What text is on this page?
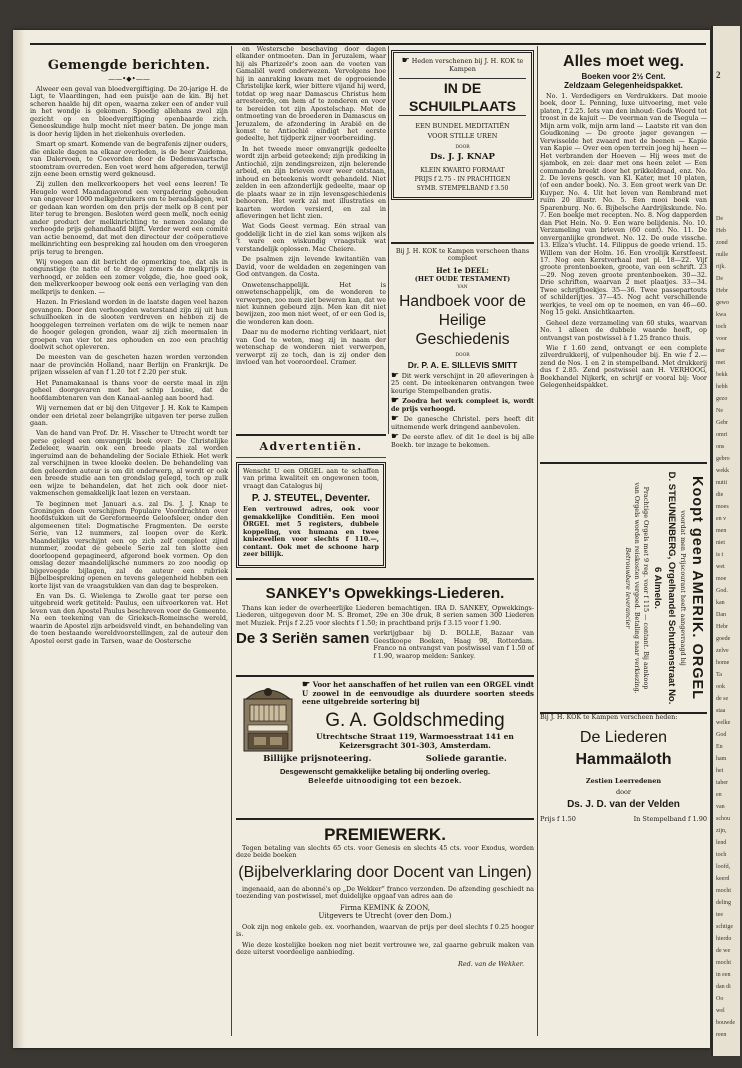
2
De
Heb
zond
nulle
rijk.
De
Hebr
gewo
kwa
toch
voor
teer
met
bekk
hebh
gezo
Ne
Gebr
omri
ons
gebro
wekk
nutti
die
moes
en v
men
niet
is t
wet
moe
God.
kan
Dan
Hebr
goede
zelve
home
Ta
ook
de se
staa
welke
God
En
ham
het
taber
en
van
schou
zijn,
lend
toch
loofd,
keerd
mocht
deling
tee
schtige
hierdo
de we
mocht
in een
dan di
Oo
wel
bouwde
reen
Gemengde berichten.
——•◆•——

Alweer een geval van bloedvergiftiging. De 20-jarige H. de Ligt, te Vlaardingen, had een puistje aan de kin. Bij het scheren haalde hij dit open, waarna zeker een of ander vuil in het wondje is gekomen. Spoedig allehans zwol zijn gezicht op en bloedvergiftiging openbaarde zich. Geneeskundige hulp mocht niet meer baten. De jonge man is door hevig lijden in het ziekenhuis overleden.

Smart op smart. Komende van de begrafenis zijner ouders, die enkele dagen na elkaar overleden, is de heer Zuidema, van Dalervoen, te Coevorden door de Dedemsvaartsche stoomtram overreden. Een voet werd hem afgereden, terwijl zijn eene been ernstig werd gekneusd.

Zij zullen den melkverkoopers het veel eens leeren! Te Heugelo werd Maandagavond een vergadering gehouden van ongeveer 1000 melkgebruikers om te beraadslagen, wat er gedaan kan worden om den prijs der melk op 8 cent per liter terug te brengen. Besloten werd geen melk, noch eenig ander product der melkinrichting te nemen zoolang de verhoogde prijs gehandhaafd blijft. Verder werd een comité van actie benoemd, dat met den directeur der coöperatieve melkinrichting een bespreking zal houden om den vroegeren prijs terug te brengen.

Wij voegen aan dit bericht de opmerking toe, dat als in ongunstige (te natte of te droge) zomers de melkprijs is verhoogd, er zelden een zomer volgde, die, hoe goed ook, den melkverkooper bewoog ook eens een verlaging van den melkprijs te denken. —

Hazen. In Friesland worden in de laatste dagen veel hazen gevangen. Door den verhoogden waterstand zijn zij uit hun schuilhoeken in de slooten verdreven en hebben zij de hooggelegen terreinen verlaten om de wijk te nemen naar de hooger gelegen gronden, waar zij zich meermalen in groepen van vier tot zes ophouden en zoo een prachtig doelwit schot opleveren.

De meesten van de gescheten hazen worden verzonden naar de provinciën Holland, naar Berlijn en Frankrijk. De prijzen wisselen af van f 1.20 tot f 2.20 per stuk.

Het Panamakanaal is thans voor de eerste maal in zijn geheel doorgevaren met het schip Louise, dat de hoofdambtenaren van den Kanaal-aanleg aan boord had.

Wij vernemen dat er bij den Uitgever J. H. Kok te Kampen onder een drietal zeer belangrijke uitgaven ter perse zullen gaan.

Van de hand van Prof. Dr. H. Visscher te Utrecht wordt ter perse gelegd een omvangrijk boek over: De Christelijke Zedeleer, waarin ook een breede plaats zal worden ingeruimd aan de behandeling der Sociale Ethiek. Het werk zal verschijnen in twee kloeke deelen. De behandeling van den geleerden auteur is om dit onderwerp, al wordt er ook een breede studie aan ten grondslag gelegd, toch op zulk een wijze te behandelen, dat het zich ook door niet-vakmenschen gemakkelijk laat lezen en verstaan.

Te beginnen met Januari a.s. zal Ds. J. J. Knap te Groningen doen verschijnen Populaire Voordrachten over hoofdstukken uit de Gereformeerde Geloofsleer, onder den algemeenen titel: Dogmatische Fragmenten. De eerste Serie, van 12 nummers, zal loopen over de Kerk. Maandelijks verschijnt een op zich zelf compleet zijnd nummer, zoodat de gebeele Serie zal ten slotte een doorloopend gepagineerd, afgerond boek vormen. Op den omslag dezer maandelijksche nummers zo zoo noodig op bijgevoegde bijlagen, zal de auteur een rubriek Bijbelbespreking openen en tevens gelegenheid hebben een korte lijst van de vraagstukken van dan dag te bespreken.

En van Ds. G. Wielenga te Zwolle gaat ter perse een uitgebreid werk getiteld: Paulus, een uitvoerkoren vat. Het leven van den Apostel Paulus beschreven voor de Gemeente. Na een teekening van de Grieksch-Romeinsche wereld, waarin de Apostel zijn arbeidsveld vindt, en behandeling van de toen bestaande wereldvoorstellingen, zal de auteur den Apostel eerst gade in Tarsen, waar de Oostersche

en Westersche beschaving door dagen elkander ontmoeten. Dan in Jeruzalem, waar hij als Pharizeër's zoon aan de voeten van Gamaliël werd onderwezen. Vervolgens hoe hij in aanraking kwam met de opgroeiende Christelijke kerk, wier bittere vijand hij werd, totdat op weg naar Damascus Christus hem arresteerde, om hem af te zonderen en voor te bereiden tot zijn Apostelschap. Met de ontmoeting van de broederen in Damascus en Jeruzalem, de afzondering in Arabië en de komst te Antiochië eindigt het eerste gedeelte, het tijdperk zijner voorbereiding.

In het tweede meer omvangrijk gedeelte wordt zijn arbeid geteekend; zijn prediking in Antiochië, zijn zendingsreizen, zijn belerende arbeid, en zijn brieven over weer ontstaan, inhoud en beteekenis wordt gehandeld. Niet zelden in een afzonderlijk gedeelte, maar op de plaats waar ze in zijn levensgeschiedenis behooren. Het werk zal met illustraties en kaarten worden versierd, en zal in afleveringen het licht zien.

Wat Gods Geest vermag. Eén straal van goddelijk licht in de ziel kan soms wijken als 't ware een wiskundig vraagstuk wat verstandelijk oplossen. Mac Cheiere.

De psalmen zijn levende kwitantiën van David, voor de weldaden en zegeningen van God ontvangen. da Costa.

Onwetenschappelijk. Het is onwetenschappelijk, om de wonderen te verwerpen, zoo men ziet beweren kan, dat we niet kunnen gebeurd zijn. Men kan dit niet bewijzen, zoo men niet weet, of er een God is, die wonderen kan doen.

Daar nu de moderne richting verklaart, niet van God te weten, mag zij in naam der wetenschap de wonderen niet verwerpen, verwerpt zij ze toch, dan is zij onder den invloed van het vooroordeel. Cramer.

Advertentiën.

Wenscht U een ORGEL aan te schaffen van prima kwaliteit en ongewonen toon, vraagt dan Catalogus bij

P. J. STEUTEL, Deventer.

Een vertrouwd adres, ook voor gemakkelijke Conditiën. Een mooi ORGEL met 5 registers, dubbele koppeling, vox humana en twee kniezwellen voor slechts f 110.—, contant. Ook met de schoone harp zeer billijk.

☛ Heden verschenen bij J. H. KOK te Kampen
IN DE SCHUILPLAATS
EEN BUNDEL MEDITATIËN
VOOR STILLE UREN
DOOR
Ds. J. J. KNAP
KLEIN KWARTO FORMAAT
PRIJS f 2.75 - IN PRACHTIGEN
SYMB. STEMPELBAND f 3.50

Bij J. H. KOK te Kampen verscheen thans compleet

Het 1e DEEL:
(HET OUDE TESTAMENT)
VAN
Handboek voor de
Heilige Geschiedenis
DOOR
Dr. P. A. E. SILLEVIS SMITT

☛ Dit werk verschijnt in 20 afleveringen à 25 cent. De inteekenaren ontvangen twee keurige Stempelbanden gratis.

☛ Zoodra het werk compleet is, wordt de prijs verhoogd.

☛ De ganesche Christel. pers heeft dit uitnemende werk dringend aanbevolen.

☛ De eerste aflev. of dit 1e deel is bij alle Boekh. ter inzage te bekomen.

SANKEY's Opwekkings-Liederen.

Thans kan ieder de overheerlijke Liederen bemachtigen. IRA D. SANKEY, Opwekkings-Liederen, uitgegeven door M. S. Bromet, 29e en 30e druk, 8 serien samen 300 Liederen met Muziek. Prijs f 2.25 voor slechts f 1.50; in prachtband prijs f 3.15 voor f 1.90.

De 3 Seriën samen verkrijgbaar bij D. BOLLE, Bazaar van Geestkoope Boeken, Haag 98, Rotterdam. Franco na ontvangst van postwissel van f 1.50 of f 1.90, waarop melden: Sankey.

☛ Voor het aanschaffen of het ruilen van een ORGEL vindt U zoowel in de eenvoudige als duurdere soorten steeds eene uitgebreide sortering bij

G. A. Goldschmeding
Utrechtsche Straat 119, Warmoesstraat 141 en
Keizersgracht 301-303, Amsterdam.
Billijke prijsnoteering.	Soliede garantie.
Desgewenscht gemakkelijke betaling bij onderling overleg.
Beleefde uitnoodiging tot een bezoek.
PREMIEWERK.

Tegen betaling van slechts 65 cts. voor Genesis en slechts 45 cts. voor Exodus, worden deze beide boeken

(Bijbelverklaring door Docent van Lingen)

ingenaaid, aan de abonné's op „De Wekker” franco verzonden. De afzending geschiedt na toezending van postwissel, met duidelijke opgaaf van adres aan de

Firma KEMINK & ZOON,
Uitgevers te Utrecht (over den Dom.)

Ook zijn nog enkele geb. ex. voorhanden, waarvan de prijs per deel slechts f 0.25 hooger is.

Wie deze kostelijke boeken nog niet bezit vertrouwe we, zal gaarne gebruik maken van deze uiterst voordeelige aanbieding.

Red. van de Wekker.
Alles moet weg.
Boeken voor 2½ Cent.
Zeldzaam Gelegenheidspakket.

No. 1. Verdedigers en Verdrukkers. Dat mooie boek, door L. Penning, luxe uitvoering, met vele platen, f 2.25. Iets van den inhoud: Gods Woord tot troost in de kajuit — De veerman van de Tsegula — Mijn arm volk, mijn arm land — Laatste rit van den Goudkoning — De groote jager gevangen — Verwisselde het zwaard met de beenen — Kapie van Kapie — Over een open terrein joeg hij heen — Het verbranden der Hoeven — Hij wees met de sjambok, en zei: daar met ons heen zelet — Een commando breekt door het prikkeldraad, enz. No. 2. De levens gesch. van Kl. Kater, met 10 platen, (of een ander boek). No. 3. Een groot werk van Dr. Kuyper. No. 4. Uit het leven van Rembrand met ruim 20 illustr. No. 5. Een mooi boek van Sparenburg. No. 6. Bijbelsche Aardrijkskunde. No. 7. Een boekje met recepten. No. 8. Nog dapperden dan Piet Hein. No. 9. Een ware belijdenis. No. 10. Verzameling van brieven (60 cent). No. 11. De onverganlijke grondwet. No. 12. De oude vissche. 13. Eliza's vlucht. 14. Filippus de goede vriend. 15. Willem van der Holm. 16. Een vroolijk Kerstfeest. 17. Nog een Kerstverhaal met pl. 18—22. Vijf groote prentenboeken, groote, van een schrift. 23—29. Nog zeven groote prentenboeken. 30—32. Drie schriften, waarvan 2 met plaatjes. 33—34. Twee schrijfboekjes. 35—36. Twee passepartouts of schilderijtjes. 37—45. Nog acht verschillende werkjes, te veel om op te noemen, en van 46—60. Nog 15 geki. Ansichtkaarten.

Geheel deze verzameling van 60 stuks, waarvan No. 1 alleen de dubbele waarde heeft, op ontvangst van postwissel à f 1.25 franco thuis.

Wie f 1.60 zend, ontvangt er een complete zilverdrukkerij, of vulpenhouder bij. En wie f 2.— zend de Nos. 1 en 2 in stempelband. Met drukkerij dus f 2.85. Zend postwissel aan H. VERHOOG, Boekhandel Nijkerk, en schrijf er vooral bij: Voor Gelegenheidspakket.

Koopt geen AMERIK. ORGEL
voordat men Prijscourant heeft aangevraagd bij
D. STEUNENBERG, Orgelhandel Schuttenstraat No. 6 Almelo.
Prachtige Orgels met 9 reg. voor f 115 — contant. Bij aankoop
van Orgels worden reiskosten vergoed. Betaling naar verkiezing.
Betrouwbare leverancier

Bij J. H. KOK te Kampen verscheen heden:

De Liederen
Hammaäloth
Zestien Leerredenen
door
Ds. J. D. van der Velden
Prijs f 1.50	In Stempelband f 1.90
